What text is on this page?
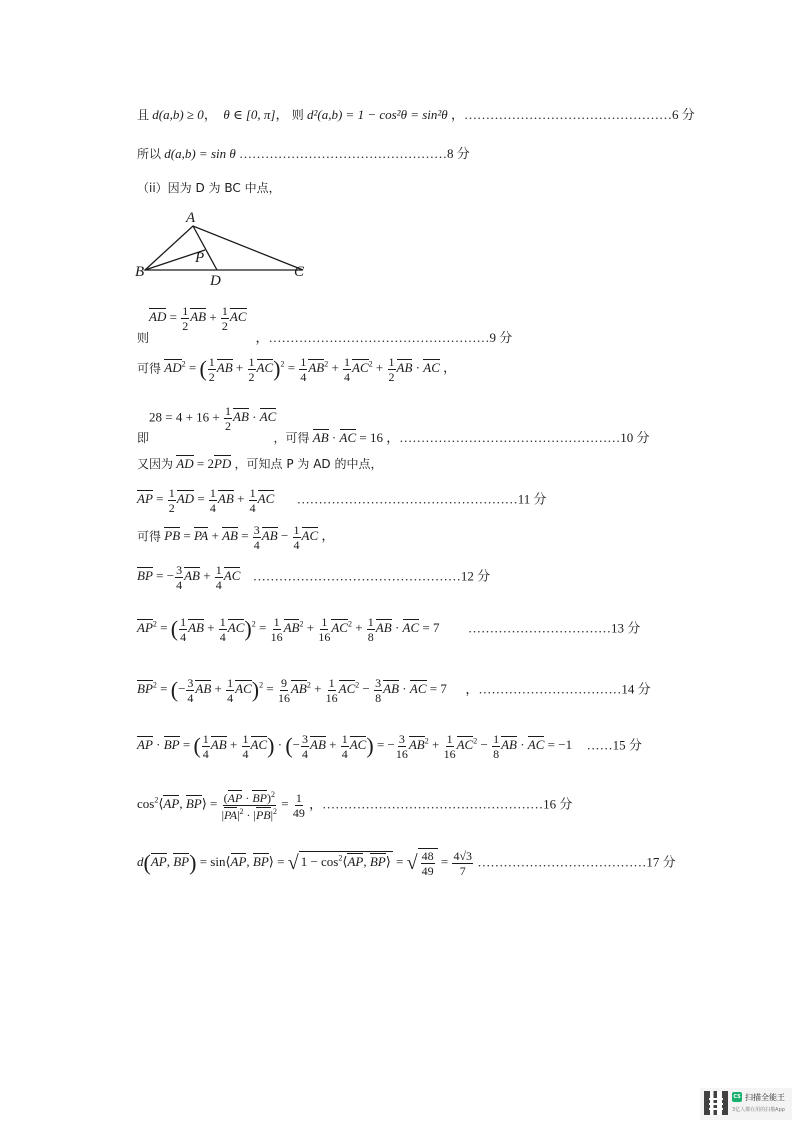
且 d(a,b) ≥ 0，  θ ∈ [0, π]， 则 d²(a,b) = 1 − cos²θ = sin²θ ，…………………………………………6 分
所以 d(a,b) = sin θ …………………………………………8 分
（ii）因为 D 为 BC 中点，
A
B	C
D
P
AD = $\frac{1}{2}$ AB + $\frac{1}{2}$ AC
则	，……………………………………………9 分
可得 $AD^2$ = ( $\frac{1}{2}$ AB + $\frac{1}{2} AC)^2 = \frac{1}{4} AB^2 + \frac{1}{4} AC^2 + \frac{1}{2}$ AB · AC ，
$28 = 4 + 16 + \frac{1}{2}$ AB · AC
即	，可得 AB · AC = 16 ，……………………………………………10 分
又因为 AD = 2PD ，可知点 P 为 AD 的中点，
AP = $\frac{1}{2}$ AD = $\frac{1}{4}$ AB + $\frac{1}{4}$ AC ……………………………………………11 分
可得 PB = PA + AB = $\frac{3}{4}$ AB − $\frac{1}{4}$ AC ，
BP = − $\frac{3}{4}$ AB + $\frac{1}{4}$ AC …………………………………………12 分
$AP^2$ = ( $\frac{1}{4}$ AB + $\frac{1}{4} AC)^2 = \frac{1}{16} AB^2 + \frac{1}{16} AC^2 + \frac{1}{8}$ AB · AC = 7  ……………………………13 分
$BP^2$ = (− $\frac{3}{4}$ AB + $\frac{1}{4} AC)^2 = \frac{9}{16} AB^2 + \frac{1}{16} AC^2 - \frac{3}{8}$ AB · AC = 7  ，……………………………14 分
AP · BP = ( $\frac{1}{4}$ AB + $\frac{1}{4} AC$) · (− $\frac{3}{4}$ AB + $\frac{1}{4} AC$) = − $\frac{3}{16} AB^2 + \frac{1}{16} AC^2 - \frac{1}{8}$ AB · AC = −1  ……15 分
$\cos^2⟨AP$, BP⟩ = $\frac{(AP \cdot BP)^2}{|PA|^2 \cdot |PB|^2} = \frac{1}{49}$ ，……………………………………………16 分
d(AP, BP) = sin⟨AP, BP⟩ = √ $1 - \cos^2⟨AP$, BP⟩ = √ $\frac{48}{49} = \frac{4√3}{7}$ …………………………………17 分
CS 扫描全能王
3亿人都在用的扫描App
